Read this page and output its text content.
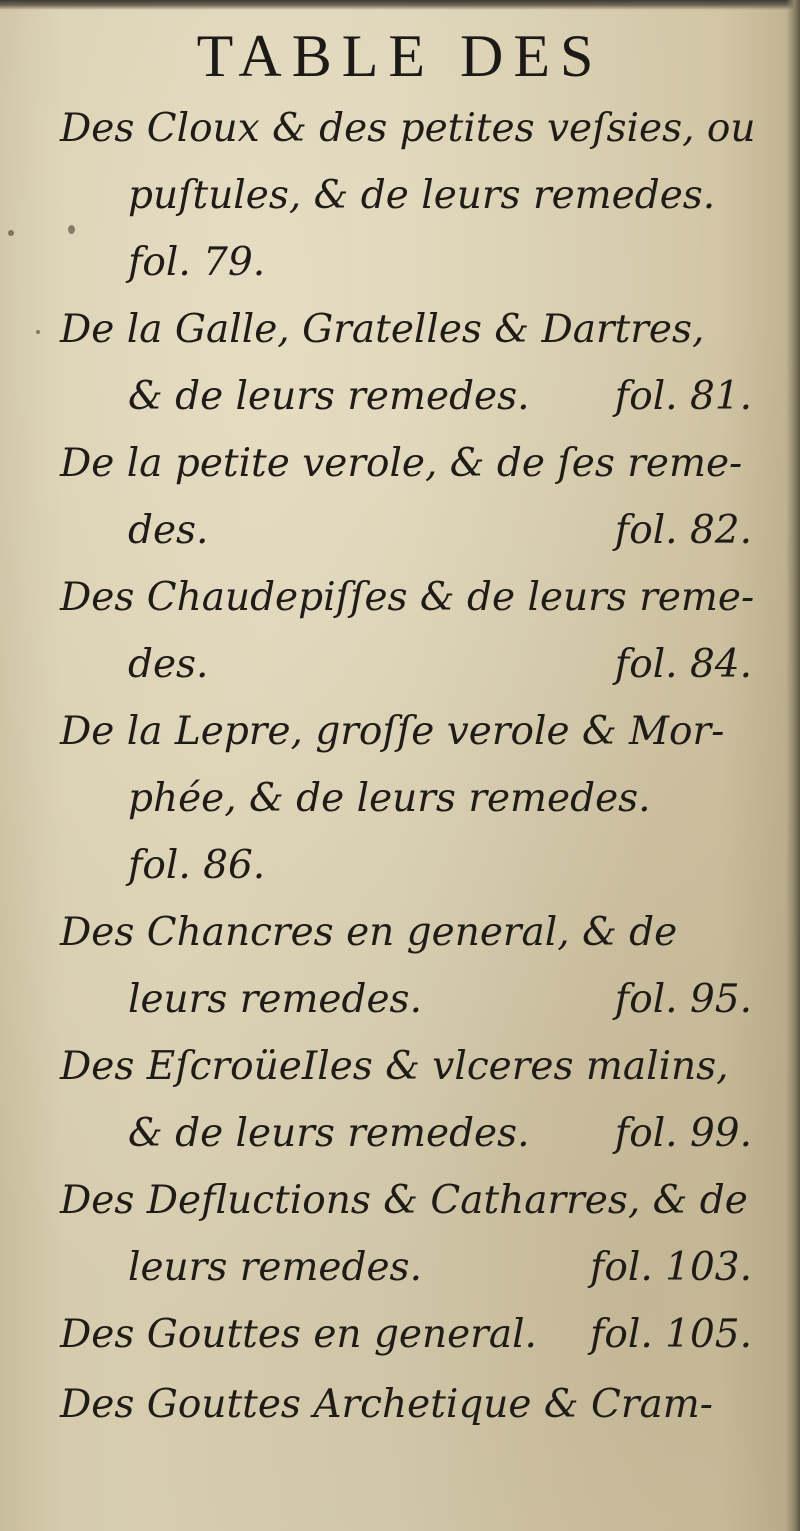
TABLE DES
Des Cloux & des petites veſsies, ou
puſtules, & de leurs remedes.
fol. 79.
De la Galle, Gratelles & Dartres,
& de leurs remedes. fol. 81.
De la petite verole, & de ſes reme-
des.	fol. 82.
Des Chaudepiſſes & de leurs reme-
des.	fol. 84.
De la Lepre, groſſe verole & Mor-
phée, & de leurs remedes.
fol. 86.
Des Chancres en general, & de
leurs remedes.	fol. 95.
Des EſcroüeIles & vlceres malins,
& de leurs remedes. fol. 99.
Des Defluctions & Catharres, & de
leurs remedes.	fol. 103.
Des Gouttes en general. fol. 105.
Des Gouttes Archetique & Cram-
